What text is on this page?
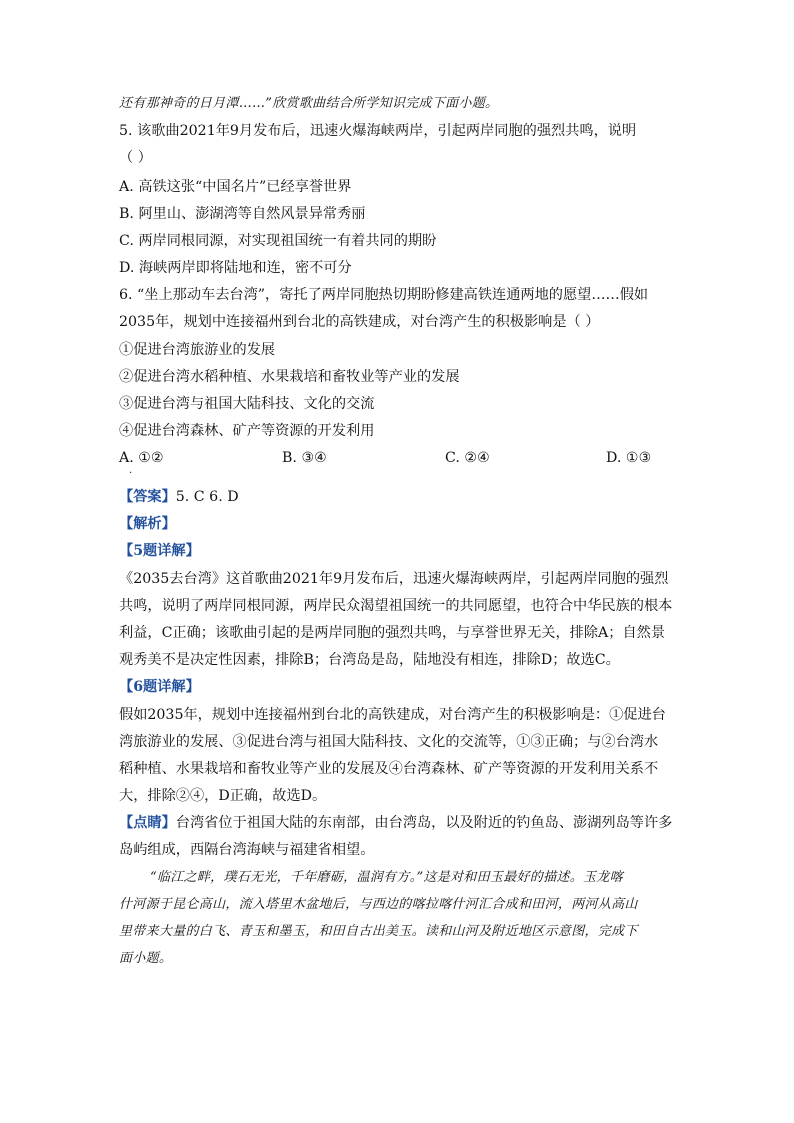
还有那神奇的日月潭……”欣赏歌曲结合所学知识完成下面小题。
5. 该歌曲2021年9月发布后，迅速火爆海峡两岸，引起两岸同胞的强烈共鸣，说明
（ ）
A. 高铁这张“中国名片”已经享誉世界
B. 阿里山、澎湖湾等自然风景异常秀丽
C. 两岸同根同源，对实现祖国统一有着共同的期盼
D. 海峡两岸即将陆地和连，密不可分
6. “坐上那动车去台湾”，寄托了两岸同胞热切期盼修建高铁连通两地的愿望……假如
2035年，规划中连接福州到台北的高铁建成，对台湾产生的积极影响是（ ）
①促进台湾旅游业的发展
②促进台湾水稻种植、水果栽培和畜牧业等产业的发展
③促进台湾与祖国大陆科技、文化的交流
④促进台湾森林、矿产等资源的开发利用
A. ①②	B. ③④	C. ②④	D. ①③
.
【答案】5. C 6. D
【解析】
【5题详解】
《2035去台湾》这首歌曲2021年9月发布后，迅速火爆海峡两岸，引起两岸同胞的强烈
共鸣，说明了两岸同根同源，两岸民众渴望祖国统一的共同愿望，也符合中华民族的根本
利益，C正确；该歌曲引起的是两岸同胞的强烈共鸣，与享誉世界无关，排除A；自然景
观秀美不是决定性因素，排除B；台湾岛是岛，陆地没有相连，排除D；故选C。
【6题详解】
假如2035年，规划中连接福州到台北的高铁建成，对台湾产生的积极影响是：①促进台
湾旅游业的发展、③促进台湾与祖国大陆科技、文化的交流等，①③正确；与②台湾水
稻种植、水果栽培和畜牧业等产业的发展及④台湾森林、矿产等资源的开发利用关系不
大，排除②④，D正确，故选D。
【点睛】台湾省位于祖国大陆的东南部，由台湾岛，以及附近的钓鱼岛、澎湖列岛等许多
岛屿组成，西隔台湾海峡与福建省相望。
“临江之畔，璞石无光，千年磨砺，温润有方。”这是对和田玉最好的描述。玉龙喀
什河源于昆仑高山，流入塔里木盆地后，与西边的喀拉喀什河汇合成和田河，两河从高山
里带来大量的白飞、青玉和墨玉，和田自古出美玉。读和山河及附近地区示意图，完成下
面小题。
